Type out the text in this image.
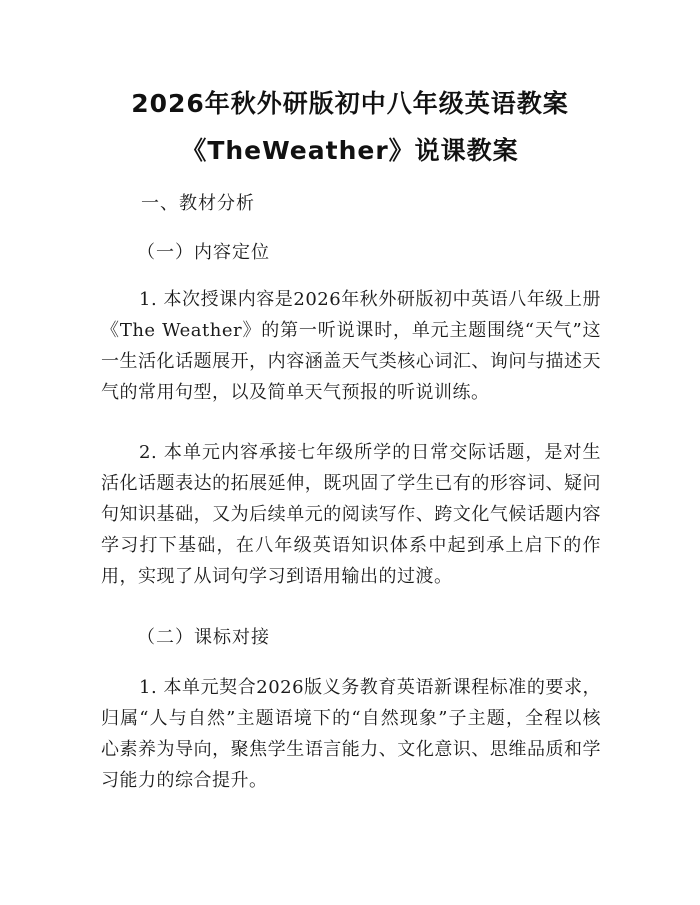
2026年秋外研版初中八年级英语教案
《TheWeather》说课教案
一、教材分析
（一）内容定位
1. 本次授课内容是2026年秋外研版初中英语八年级上册《The Weather》的第一听说课时，单元主题围绕“天气”这一生活化话题展开，内容涵盖天气类核心词汇、询问与描述天气的常用句型，以及简单天气预报的听说训练。
2. 本单元内容承接七年级所学的日常交际话题，是对生活化话题表达的拓展延伸，既巩固了学生已有的形容词、疑问句知识基础，又为后续单元的阅读写作、跨文化气候话题内容学习打下基础，在八年级英语知识体系中起到承上启下的作用，实现了从词句学习到语用输出的过渡。
（二）课标对接
1. 本单元契合2026版义务教育英语新课程标准的要求，归属“人与自然”主题语境下的“自然现象”子主题，全程以核心素养为导向，聚焦学生语言能力、文化意识、思维品质和学习能力的综合提升。
